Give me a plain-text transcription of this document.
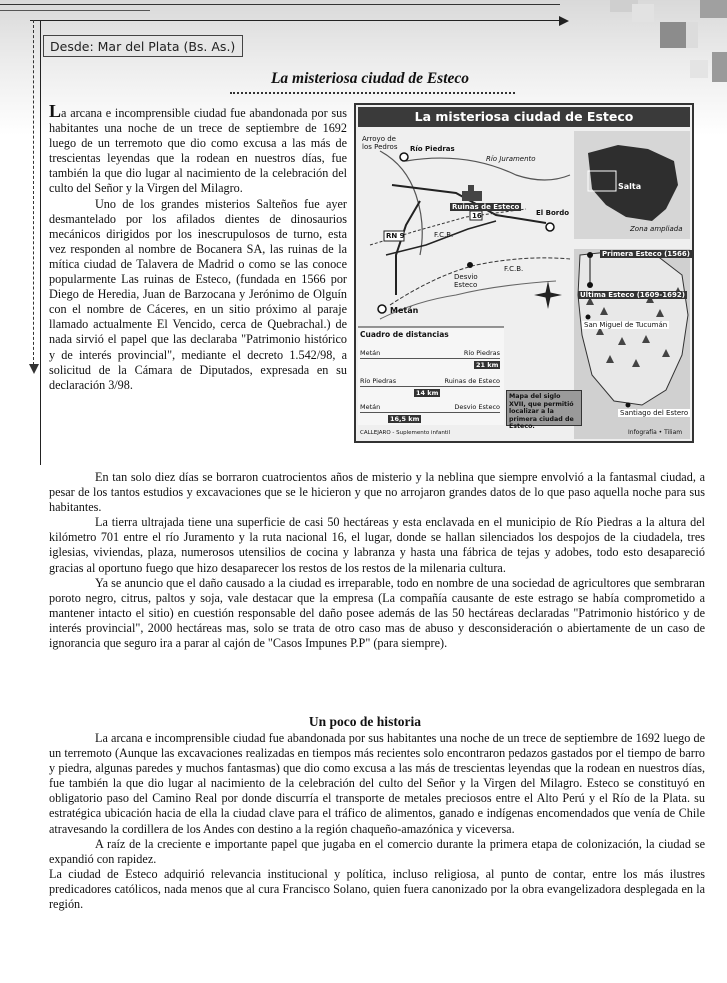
Desde: Mar del Plata (Bs. As.)
La misteriosa ciudad de Esteco

La arcana e incomprensible ciudad fue abandonada por sus habitantes una noche de un trece de septiembre de 1692 luego de un terremoto que dio como excusa a las más de trescientas leyendas que la rodean en nuestros días, fue también la que dio lugar al nacimiento de la celebración del culto del Señor y la Virgen del Milagro.

Uno de los grandes misterios Salteños fue ayer desmantelado por los afilados dientes de dinosaurios mecánicos dirigidos por los inescrupulosos de turno, esta vez responden al nombre de Bocanera SA, las ruinas de la mítica ciudad de Talavera de Madrid o como se las conoce popularmente Las ruinas de Esteco, (fundada en 1566 por Diego de Heredia, Juan de Barzocana y Jerónimo de Olguín con el nombre de Cáceres, en un sitio próximo al paraje llamado actualmente El Vencido, cerca de Quebrachal.) de nada sirvió el papel que las declaraba "Patrimonio histórico y de interés provincial", mediante el decreto 1.542/98, a solicitud de la Cámara de Diputados, expresada en su declaración 3/98.

La misteriosa ciudad de Esteco
Arroyo de los Pedros	Río Piedras
Río Juramento
Ruinas de Esteco
El Bordo
16
RN 9	F.C.B.
F.C.B.
Desvio Esteco
Metán
Salta
Zona ampliada
Primera Esteco (1566)
Ultima Esteco (1609-1692)
San Miguel de Tucumán
Santiago del Estero
Cuadro de distancias
Metán	Río Piedras
21 km
Río Piedras	Ruinas de Esteco
14 km
Metán	Desvio Esteco
16,5 km
Mapa del siglo XVII, que permitió localizar a la primera ciudad de Esteco.
CALLEJARO - Suplemento infantil	Infografía • Tiliam

En tan solo diez días se borraron cuatrocientos años de misterio y la neblina que siempre envolvió a la fantasmal ciudad, a pesar de los tantos estudios y excavaciones que se le hicieron y que no arrojaron grandes datos de lo que paso aquella noche para sus habitantes.

La tierra ultrajada tiene una superficie de casi 50 hectáreas y esta enclavada en el municipio de Río Piedras a la altura del kilómetro 701 entre el río Juramento y la ruta nacional 16, el lugar, donde se hallan silenciados los despojos de la ciudadela, tres iglesias, viviendas, plaza, numerosos utensilios de cocina y labranza y hasta una fábrica de tejas y adobes, todo esto desapareció gracias al oportuno fuego que hizo desaparecer los restos de los restos de la milenaria cultura.

Ya se anuncio que el daño causado a la ciudad es irreparable, todo en nombre de una sociedad de agricultores que sembraran poroto negro, citrus, paltos y soja, vale destacar que la empresa (La compañía causante de este estrago se había comprometido a mantener intacto el sitio) en cuestión responsable del daño posee además de las 50 hectáreas declaradas "Patrimonio histórico y de interés provincial", 2000 hectáreas mas, solo se trata de otro caso mas de abuso y desconsideración o abiertamente de un caso de ignorancia que seguro ira a parar al cajón de "Casos Impunes P.P" (para siempre).

Un poco de historia

La arcana e incomprensible ciudad fue abandonada por sus habitantes una noche de un trece de septiembre de 1692 luego de un terremoto (Aunque las excavaciones realizadas en tiempos más recientes solo encontraron pedazos gastados por el tiempo de barro y piedra, algunas paredes y muchos fantasmas) que dio como excusa a las más de trescientas leyendas que la rodean en nuestros días, fue también la que dio lugar al nacimiento de la celebración del culto del Señor y la Virgen del Milagro. Esteco se constituyó en obligatorio paso del Camino Real por donde discurría el transporte de metales preciosos entre el Alto Perú y el Río de la Plata. su estratégica ubicación hacia de ella la ciudad clave para el tráfico de alimentos, ganado e indígenas encomendados que venía de Chile atravesando la cordillera de los Andes con destino a la región chaqueño-amazónica y viceversa.

A raíz de la creciente e importante papel que jugaba en el comercio durante la primera etapa de colonización, la ciudad se expandió con rapidez.

La ciudad de Esteco adquirió relevancia institucional y política, incluso religiosa, al punto de contar, entre los más ilustres predicadores católicos, nada menos que al cura Francisco Solano, quien fuera canonizado por la obra evangelizadora desplegada en la región.
